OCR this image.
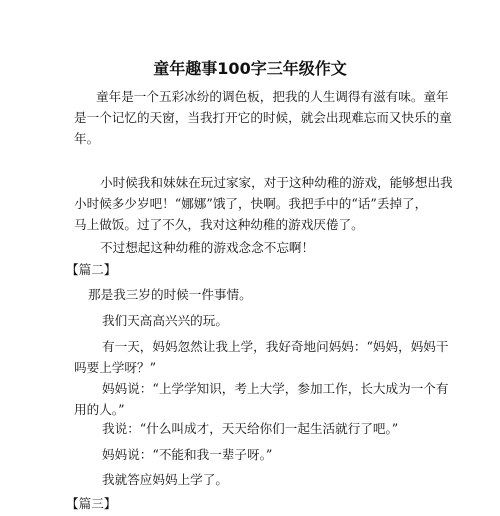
童年趣事100字三年级作文
童年是一个五彩冰纷的调色板，把我的人生调得有滋有味。童年
是一个记忆的天窗，当我打开它的时候，就会出现难忘而又快乐的童
年。
小时候我和妹妹在玩过家家，对于这种幼稚的游戏，能够想出我
小时候多少岁吧！“娜娜”饿了，快啊。我把手中的“话”丢掉了，
马上做饭。过了不久，我对这种幼稚的游戏厌倦了。
不过想起这种幼稚的游戏念念不忘啊！
【篇二】
那是我三岁的时候一件事情。
我们天高高兴兴的玩。
有一天，妈妈忽然让我上学，我好奇地问妈妈：“妈妈，妈妈干
吗要上学呀？”
妈妈说：“上学学知识，考上大学，参加工作，长大成为一个有
用的人。”
我说：“什么叫成才，天天给你们一起生活就行了吧。”
妈妈说：“不能和我一辈子呀。”
我就答应妈妈上学了。
【篇三】
